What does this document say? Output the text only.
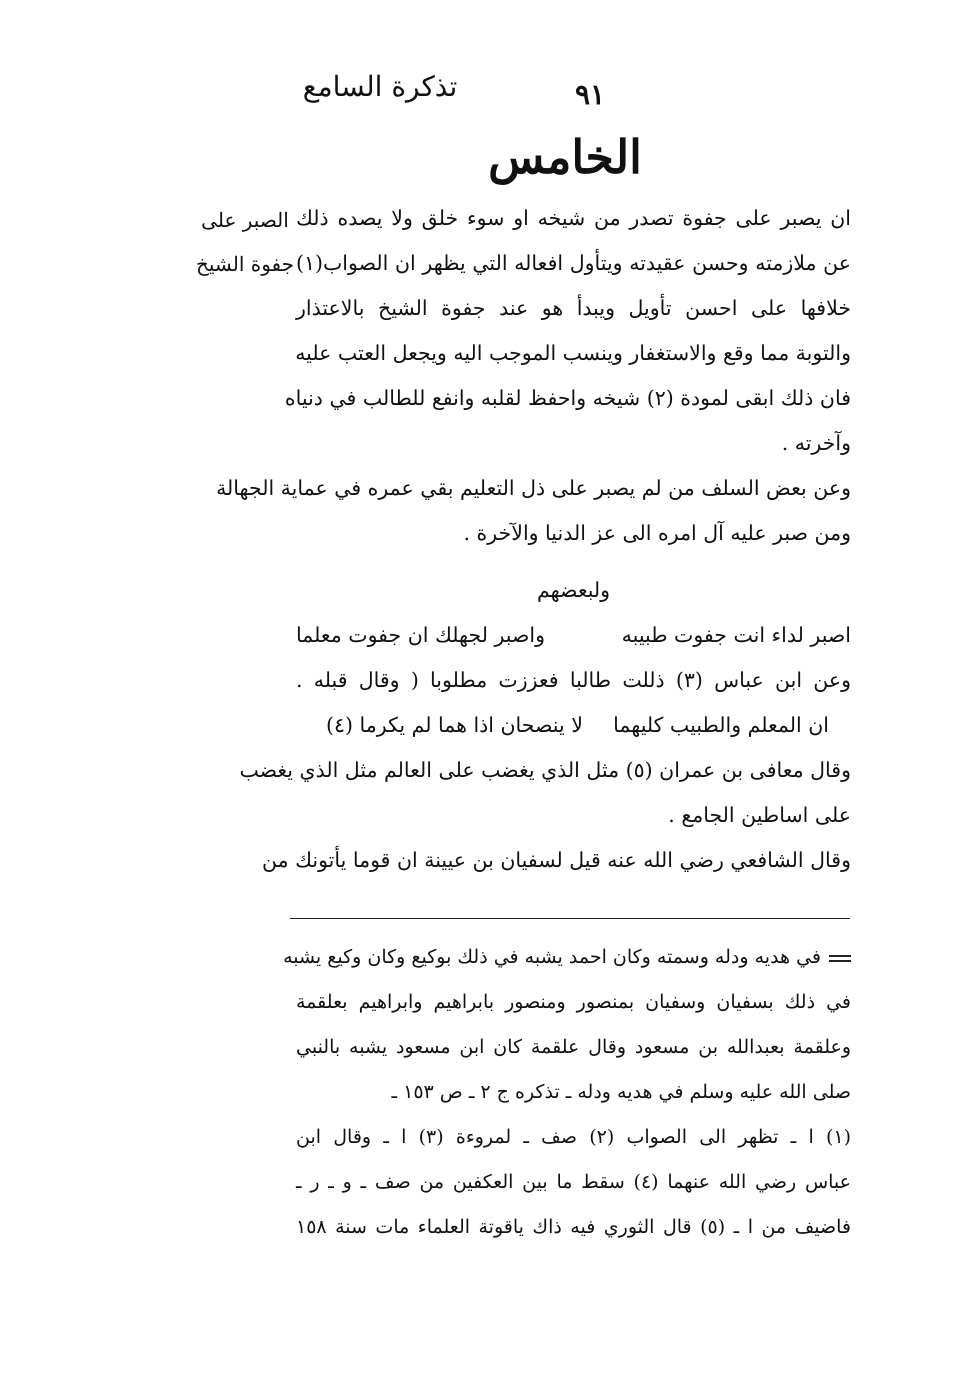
تذكرة السامع	٩١
الخامس
الصبر على
جفوة الشيخ
ان يصبر على جفوة تصدر من شيخه او سوء خلق ولا يصده ذلك
عن ملازمته وحسن عقيدته ويتأول افعاله التي يظهر ان الصواب(١)
خلافها على احسن تأويل ويبدأ هو عند جفوة الشيخ بالاعتذار
والتوبة مما وقع والاستغفار وينسب الموجب اليه ويجعل العتب عليه
فان ذلك ابقى لمودة (٢) شيخه واحفظ لقلبه وانفع للطالب في دنياه
وآخرته .
وعن بعض السلف من لم يصبر على ذل التعليم بقي عمره في عماية الجهالة
ومن صبر عليه آل امره الى عز الدنيا والآخرة .
ولبعضهم
اصبر لداء انت جفوت طبيبه
واصبر لجهلك ان جفوت معلما
وعن ابن عباس (٣) ذللت طالبا فعززت مطلوبا ( وقال قبله .
ان المعلم والطبيب كليهما
لا ينصحان اذا هما لم يكرما (٤)
وقال معافى بن عمران (٥) مثل الذي يغضب على العالم مثل الذي يغضب
على اساطين الجامع .
وقال الشافعي رضي الله عنه قيل لسفيان بن عيينة ان قوما يأتونك من
في هديه ودله وسمته وكان احمد يشبه في ذلك بوكيع وكان وكيع يشبه
في ذلك بسفيان وسفيان بمنصور ومنصور بابراهيم وابراهيم بعلقمة
وعلقمة بعبدالله بن مسعود وقال علقمة كان ابن مسعود يشبه بالنبي
صلى الله عليه وسلم في هديه ودله ـ تذكره ج ٢ ـ ص ١٥٣ ـ
(١) ا ـ تظهر الى الصواب (٢) صف ـ لمروءة (٣) ا ـ وقال ابن
عباس رضي الله عنهما (٤) سقط ما بين العكفين من صف ـ و ـ ر ـ
فاضيف من ا ـ (٥) قال الثوري فيه ذاك ياقوتة العلماء مات سنة ١٥٨
